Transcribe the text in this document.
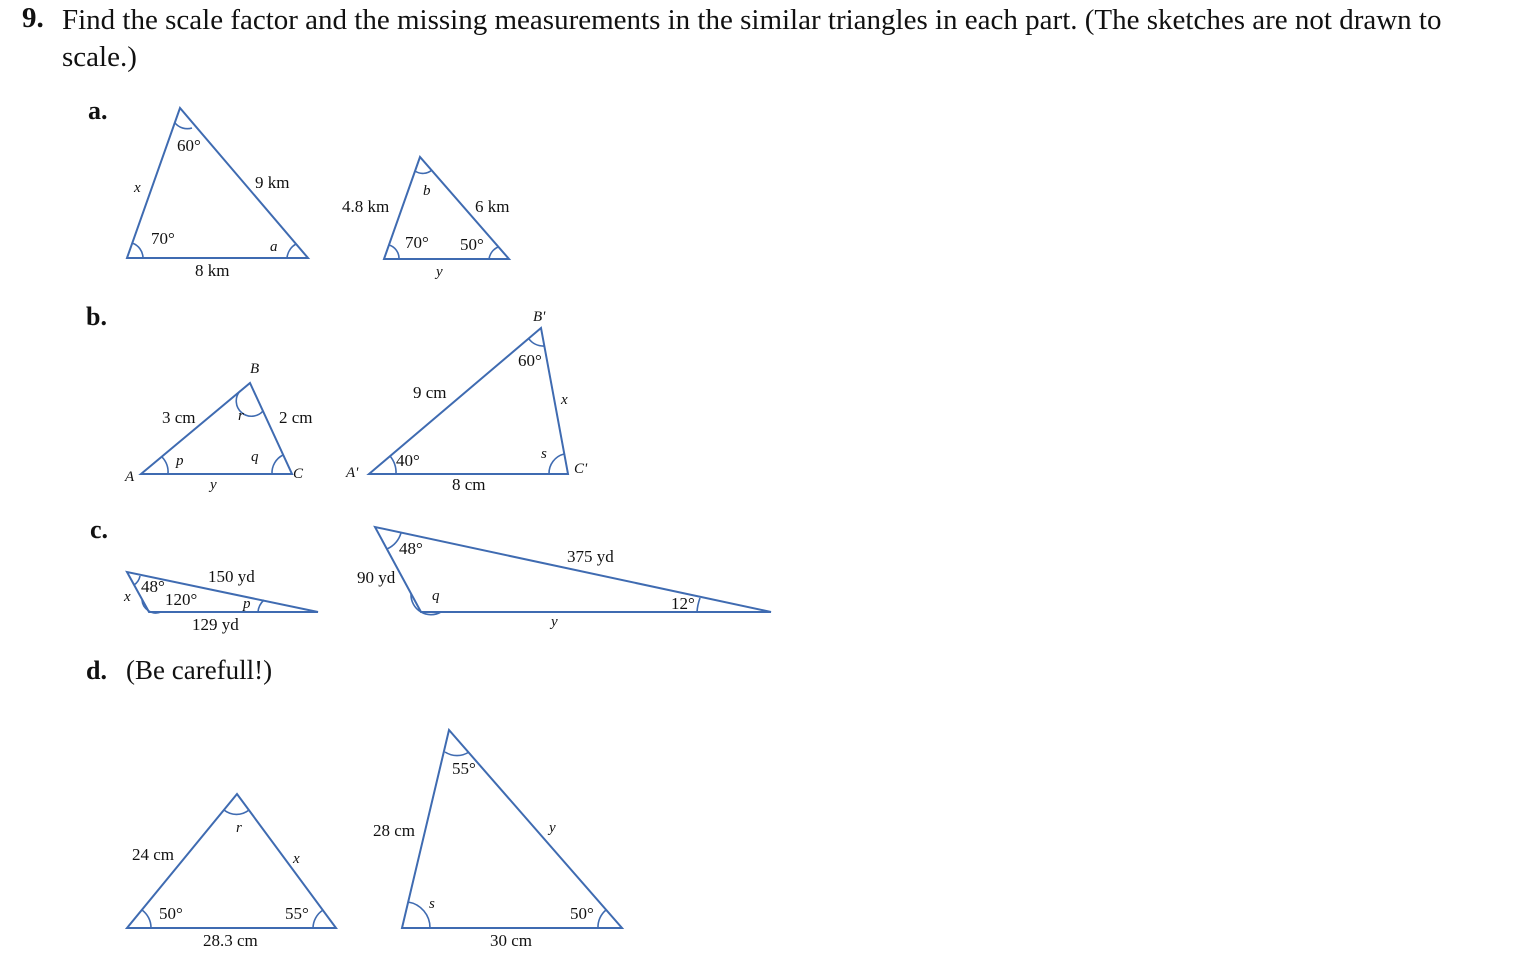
9. Find the scale factor and the missing measurements in the similar triangles in each part. (The sketches are not drawn to scale.)
a.
b.
c.
d. (Be carefull!)
60°
70°	a
x	9 km
8 km
b
70° 50°
4.8 km	6 km
y
A
B
C
p
r
q
3 cm	2 cm
y
A'
B'
C'
40°
60°
s
9 cm	x
8 cm
48°
120°	p
x
150 yd
129 yd
48°
q	12°
90 yd
375 yd
y
r
50°	55°
24 cm	x
28.3 cm
55°
s	50°
28 cm	y
30 cm
